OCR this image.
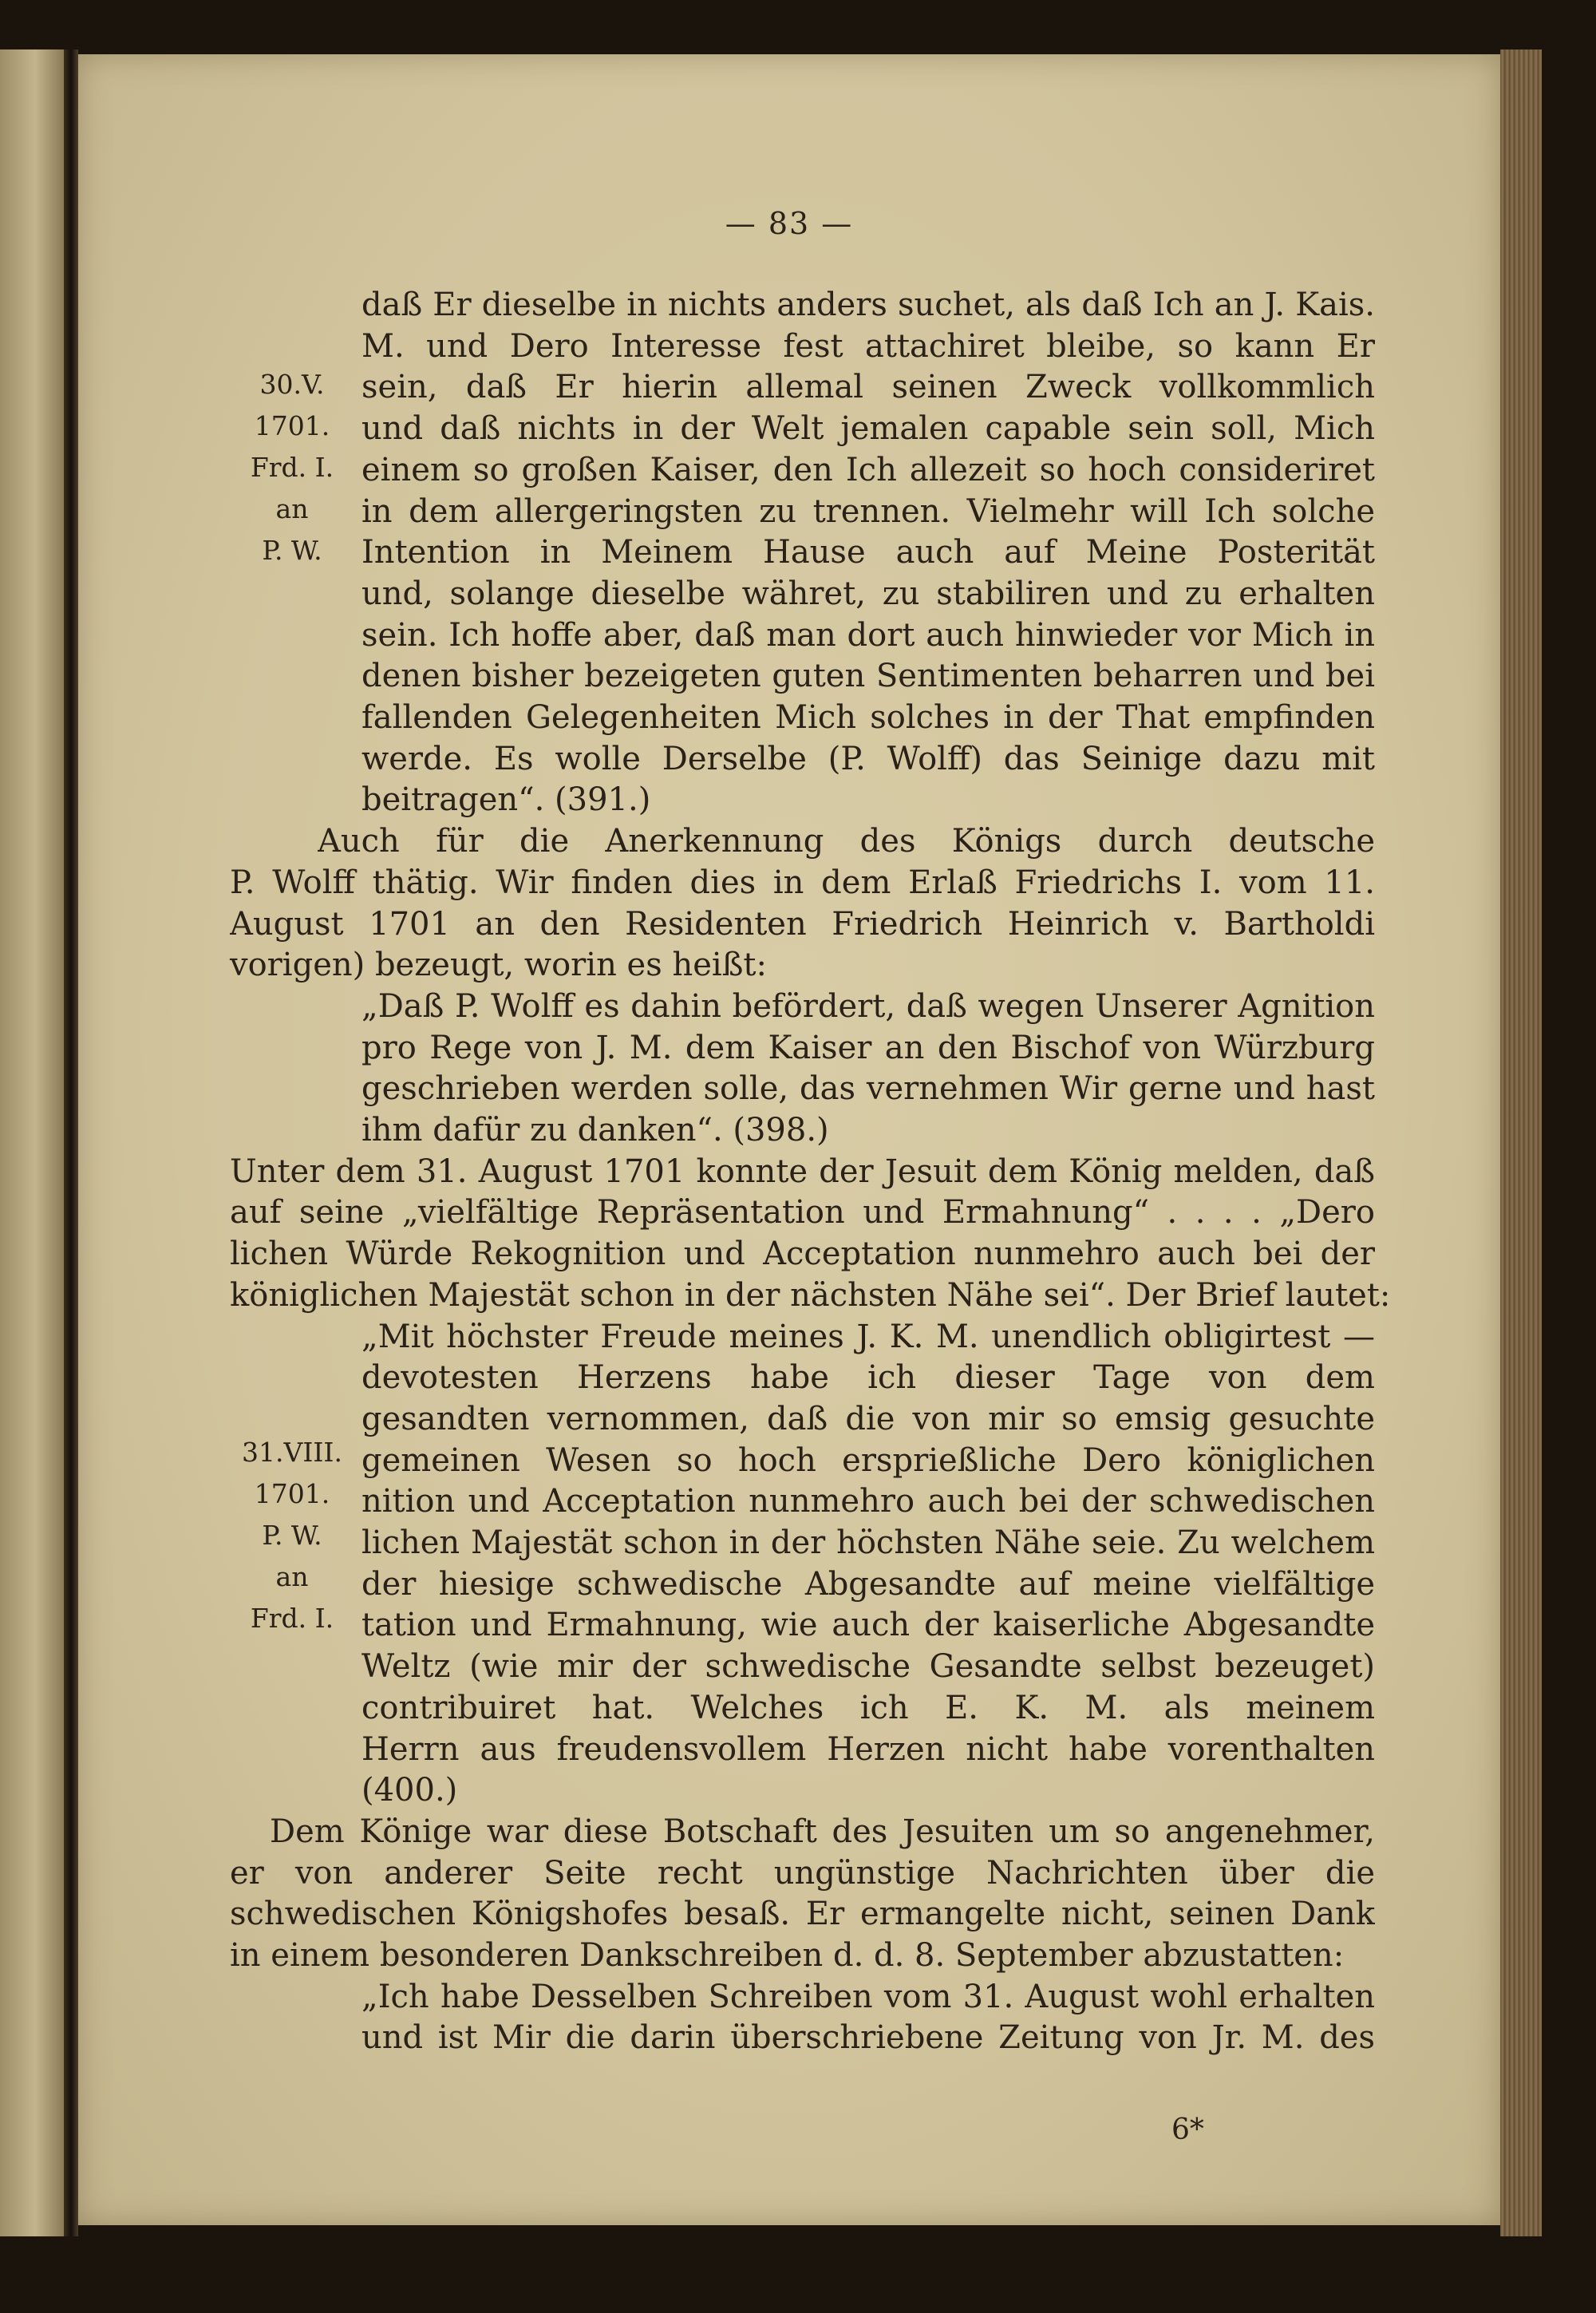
— 83 —
30.V.
1701.
Frd. I.
an
P. W.
31.VIII.
1701.
P. W.
an
Frd. I.
daß Er dieselbe in nichts anders suchet, als daß Ich an J. Kais.
M. und Dero Interesse fest attachiret bleibe, so kann Er
sein, daß Er hierin allemal seinen Zweck vollkommlich
und daß nichts in der Welt jemalen capable sein soll, Mich
einem so großen Kaiser, den Ich allezeit so hoch consideriret
in dem allergeringsten zu trennen. Vielmehr will Ich solche
Intention in Meinem Hause auch auf Meine Posterität
und, solange dieselbe währet, zu stabiliren und zu erhalten
sein. Ich hoffe aber, daß man dort auch hinwieder vor Mich in
denen bisher bezeigeten guten Sentimenten beharren und bei
fallenden Gelegenheiten Mich solches in der That empfinden
werde. Es wolle Derselbe (P. Wolff) das Seinige dazu mit
beitragen“. (391.)
Auch für die Anerkennung des Königs durch deutsche
P. Wolff thätig. Wir finden dies in dem Erlaß Friedrichs I. vom 11.
August 1701 an den Residenten Friedrich Heinrich v. Bartholdi
vorigen) bezeugt, worin es heißt:
„Daß P. Wolff es dahin befördert, daß wegen Unserer Agnition
pro Rege von J. M. dem Kaiser an den Bischof von Würzburg
geschrieben werden solle, das vernehmen Wir gerne und hast
ihm dafür zu danken“. (398.)
Unter dem 31. August 1701 konnte der Jesuit dem König melden, daß
auf seine „vielfältige Repräsentation und Ermahnung“ . . . . „Dero
lichen Würde Rekognition und Acceptation nunmehro auch bei der
königlichen Majestät schon in der nächsten Nähe sei“. Der Brief lautet:
„Mit höchster Freude meines J. K. M. unendlich obligirtest —
devotesten Herzens habe ich dieser Tage von dem
gesandten vernommen, daß die von mir so emsig gesuchte
gemeinen Wesen so hoch ersprießliche Dero königlichen
nition und Acceptation nunmehro auch bei der schwedischen
lichen Majestät schon in der höchsten Nähe seie. Zu welchem
der hiesige schwedische Abgesandte auf meine vielfältige
tation und Ermahnung, wie auch der kaiserliche Abgesandte
Weltz (wie mir der schwedische Gesandte selbst bezeuget)
contribuiret hat. Welches ich E. K. M. als meinem
Herrn aus freudensvollem Herzen nicht habe vorenthalten
(400.)
Dem Könige war diese Botschaft des Jesuiten um so angenehmer,
er von anderer Seite recht ungünstige Nachrichten über die
schwedischen Königshofes besaß. Er ermangelte nicht, seinen Dank
in einem besonderen Dankschreiben d. d. 8. September abzustatten:
„Ich habe Desselben Schreiben vom 31. August wohl erhalten
und ist Mir die darin überschriebene Zeitung von Jr. M. des
6*
